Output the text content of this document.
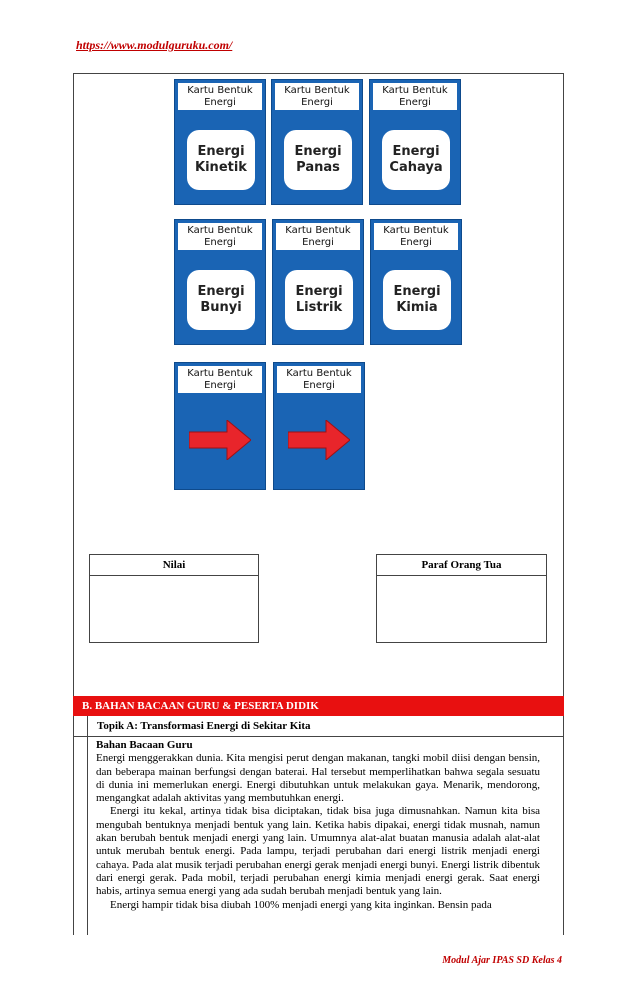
https://www.modulguruku.com/
Kartu Bentuk
Energi
Energi
Kinetik
Kartu Bentuk
Energi
Energi
Panas
Kartu Bentuk
Energi
Energi
Cahaya
Kartu Bentuk
Energi
Energi
Bunyi
Kartu Bentuk
Energi
Energi
Listrik
Kartu Bentuk
Energi
Energi
Kimia
Kartu Bentuk
Energi
Kartu Bentuk
Energi
Nilai	Paraf Orang Tua
B. BAHAN BACAAN GURU & PESERTA DIDIK
Topik A: Transformasi Energi di Sekitar Kita
Bahan Bacaan Guru

Energi menggerakkan dunia. Kita mengisi perut dengan makanan, tangki mobil diisi dengan bensin, dan beberapa mainan berfungsi dengan baterai. Hal tersebut memperlihatkan bahwa segala sesuatu di dunia ini memerlukan energi. Energi dibutuhkan untuk melakukan gaya. Menarik, mendorong, mengangkat adalah aktivitas yang membutuhkan energi.

Energi itu kekal, artinya tidak bisa diciptakan, tidak bisa juga dimusnahkan. Namun kita bisa mengubah bentuknya menjadi bentuk yang lain. Ketika habis dipakai, energi tidak musnah, namun akan berubah bentuk menjadi energi yang lain. Umumnya alat-alat buatan manusia adalah alat-alat untuk merubah bentuk energi. Pada lampu, terjadi perubahan dari energi listrik menjadi energi cahaya. Pada alat musik terjadi perubahan energi gerak menjadi energi bunyi. Energi listrik dibentuk dari energi gerak. Pada mobil, terjadi perubahan energi kimia menjadi energi gerak. Saat energi habis, artinya semua energi yang ada sudah berubah menjadi bentuk yang lain.

Energi hampir tidak bisa diubah 100% menjadi energi yang kita inginkan. Bensin pada

Modul Ajar IPAS SD Kelas 4
